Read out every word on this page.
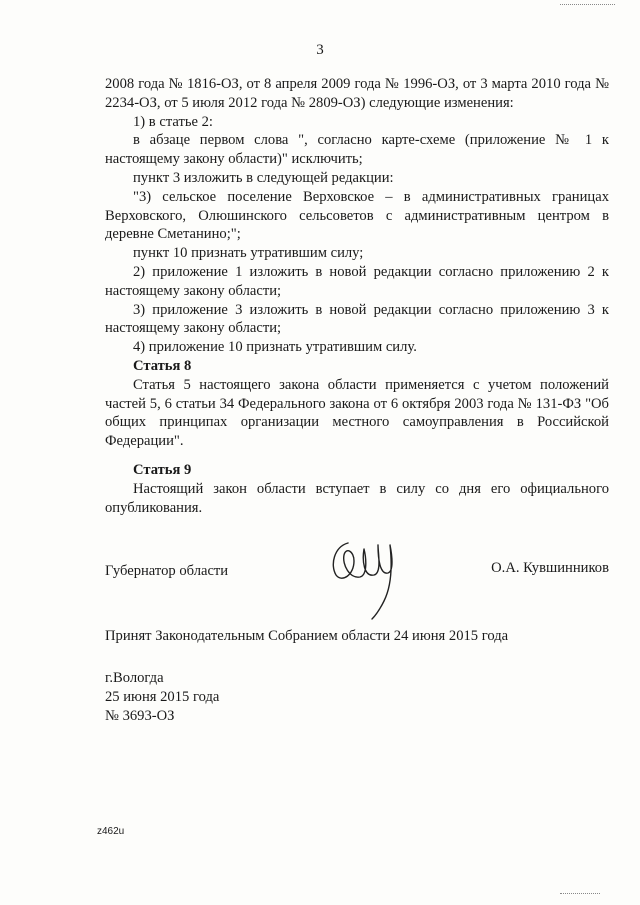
3

2008 года № 1816-ОЗ, от 8 апреля 2009 года № 1996-ОЗ, от 3 марта 2010 года № 2234-ОЗ, от 5 июля 2012 года № 2809-ОЗ) следующие изменения:

1) в статье 2:

в абзаце первом слова ", согласно карте-схеме (приложение № 1 к настоящему закону области)" исключить;

пункт 3 изложить в следующей редакции:

"3) сельское поселение Верховское – в административных границах Верховского, Олюшинского сельсоветов с административным центром в деревне Сметанино;";

пункт 10 признать утратившим силу;

2) приложение 1 изложить в новой редакции согласно приложению 2 к настоящему закону области;

3) приложение 3 изложить в новой редакции согласно приложению 3 к настоящему закону области;

4) приложение 10 признать утратившим силу.

Статья 8

Статья 5 настоящего закона области применяется с учетом положений частей 5, 6 статьи 34 Федерального закона от 6 октября 2003 года № 131-ФЗ "Об общих принципах организации местного самоуправления в Российской Федерации".

Статья 9

Настоящий закон области вступает в силу со дня его официального опубликования.

Губернатор области	О.А. Кувшинников
Принят Законодательным Собранием области 24 июня 2015 года
г.Вологда
25 июня 2015 года
№ 3693-ОЗ
z462u
